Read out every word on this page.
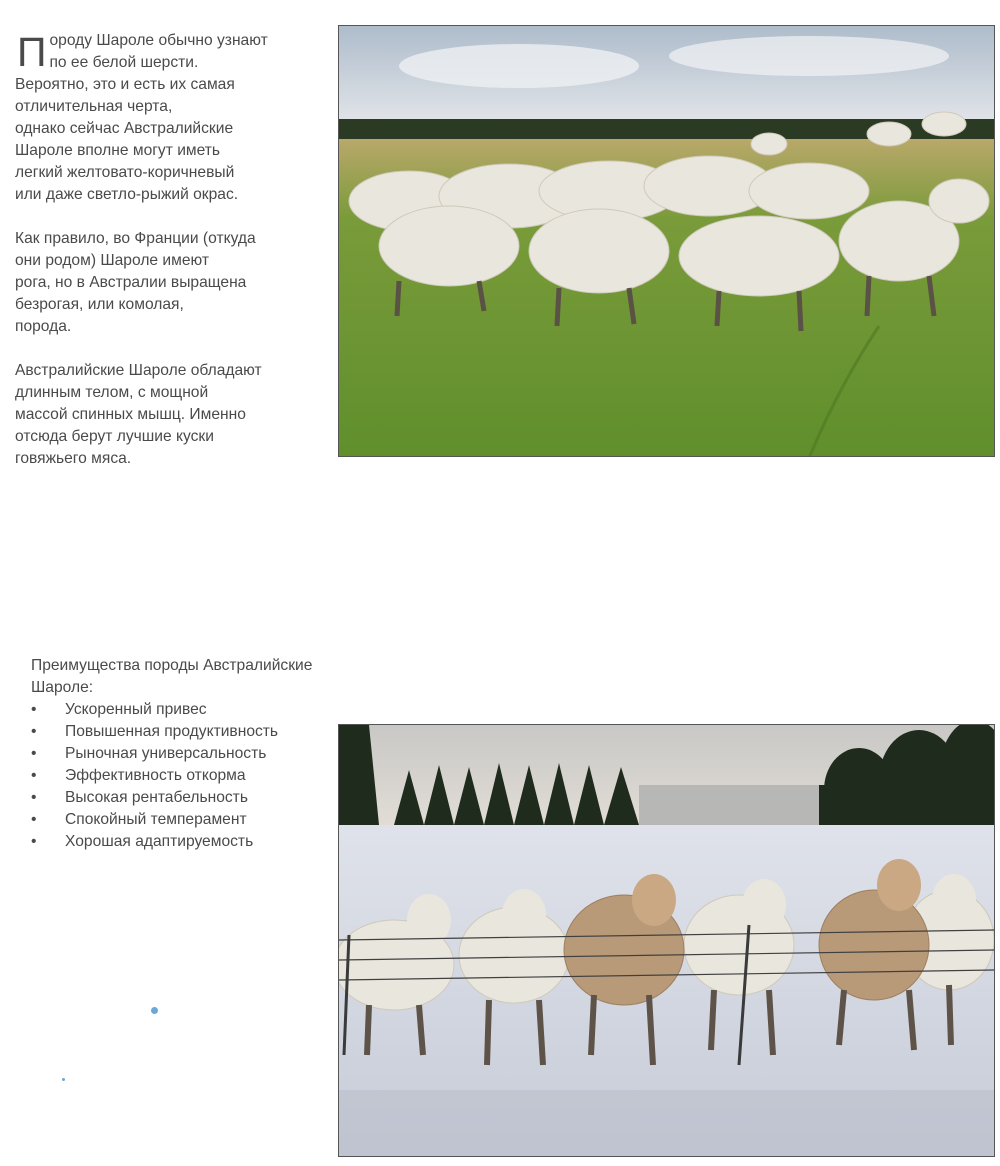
П ороду Шароле обычно узнают
по ее белой шерсти.
Вероятно, это и есть их самая
отличительная черта,
однако сейчас Австралийские
Шароле вполне могут иметь
легкий желтовато-коричневый
или даже светло-рыжий окрас.

Как правило, во Франции (откуда
они родом) Шароле имеют
рога, но в Австралии выращена
безрогая, или комолая,
порода.

Австралийские Шароле обладают
длинным телом, с мощной
массой спинных мышц. Именно
отсюда берут лучшие куски
говяжьего мяса.

Преимущества породы Австралийские Шароле:
• Ускоренный привес
• Повышенная продуктивность
• Рыночная универсальность
• Эффективность откорма
• Высокая рентабельность
• Спокойный темперамент
• Хорошая адаптируемость
